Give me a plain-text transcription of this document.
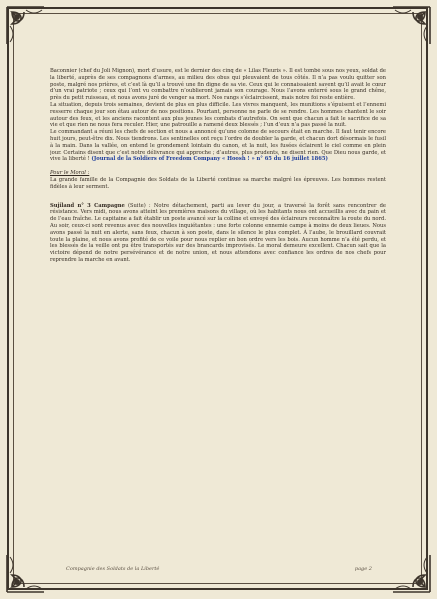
Baconnier (chef du Joli Mignon), mort d’usure, est le dernier des cinq de « Lilas Fleuris ». Il est tombé sous nos yeux, soldat de la liberté, auprès de ses compagnons d’armes, au milieu des obus qui pleuvaient de tous côtés. Il n’a pas voulu quitter son poste, malgré nos prières, et c’est là qu’il a trouvé une fin digne de sa vie. Ceux qui le connaissaient savent qu’il avait le cœur d’un vrai patriote ; ceux qui l’ont vu combattre n’oublieront jamais son courage. Nous l’avons enterré sous le grand chêne, près du petit ruisseau, et nous avons juré de venger sa mort. Nos rangs s’éclaircissent, mais notre foi reste entière.

La situation, depuis trois semaines, devient de plus en plus difficile. Les vivres manquent, les munitions s’épuisent et l’ennemi resserre chaque jour son étau autour de nos positions. Pourtant, personne ne parle de se rendre. Les hommes chantent le soir autour des feux, et les anciens racontent aux plus jeunes les combats d’autrefois. On sent que chacun a fait le sacrifice de sa vie et que rien ne nous fera reculer. Hier, une patrouille a ramené deux blessés ; l’un d’eux n’a pas passé la nuit.

Le commandant a réuni les chefs de section et nous a annoncé qu’une colonne de secours était en marche. Il faut tenir encore huit jours, peut-être dix. Nous tiendrons. Les sentinelles ont reçu l’ordre de doubler la garde, et chacun dort désormais le fusil à la main. Dans la vallée, on entend le grondement lointain du canon, et la nuit, les fusées éclairent le ciel comme en plein jour. Certains disent que c’est notre délivrance qui approche ; d’autres, plus prudents, ne disent rien. Que Dieu nous garde, et vive la liberté ! (Journal de la Soldiers of Freedom Company « Hoosh ! » n° 65 du 16 juillet 1865)

Pour le Moral :

La grande famille de la Compagnie des Soldats de la Liberté continue sa marche malgré les épreuves. Les hommes restent fidèles à leur serment.

Sujiland n° 3 Campagne (Suite) : Notre détachement, parti au lever du jour, a traversé la forêt sans rencontrer de résistance. Vers midi, nous avons atteint les premières maisons du village, où les habitants nous ont accueillis avec du pain et de l’eau fraîche. Le capitaine a fait établir un poste avancé sur la colline et envoyé des éclaireurs reconnaître la route du nord. Au soir, ceux-ci sont revenus avec des nouvelles inquiétantes : une forte colonne ennemie campe à moins de deux lieues. Nous avons passé la nuit en alerte, sans feux, chacun à son poste, dans le silence le plus complet. À l’aube, le brouillard couvrait toute la plaine, et nous avons profité de ce voile pour nous replier en bon ordre vers les bois. Aucun homme n’a été perdu, et les blessés de la veille ont pu être transportés sur des brancards improvisés. Le moral demeure excellent. Chacun sait que la victoire dépend de notre persévérance et de notre union, et nous attendons avec confiance les ordres de nos chefs pour reprendre la marche en avant.

Compagnie des Soldats de la Liberté	page 2
